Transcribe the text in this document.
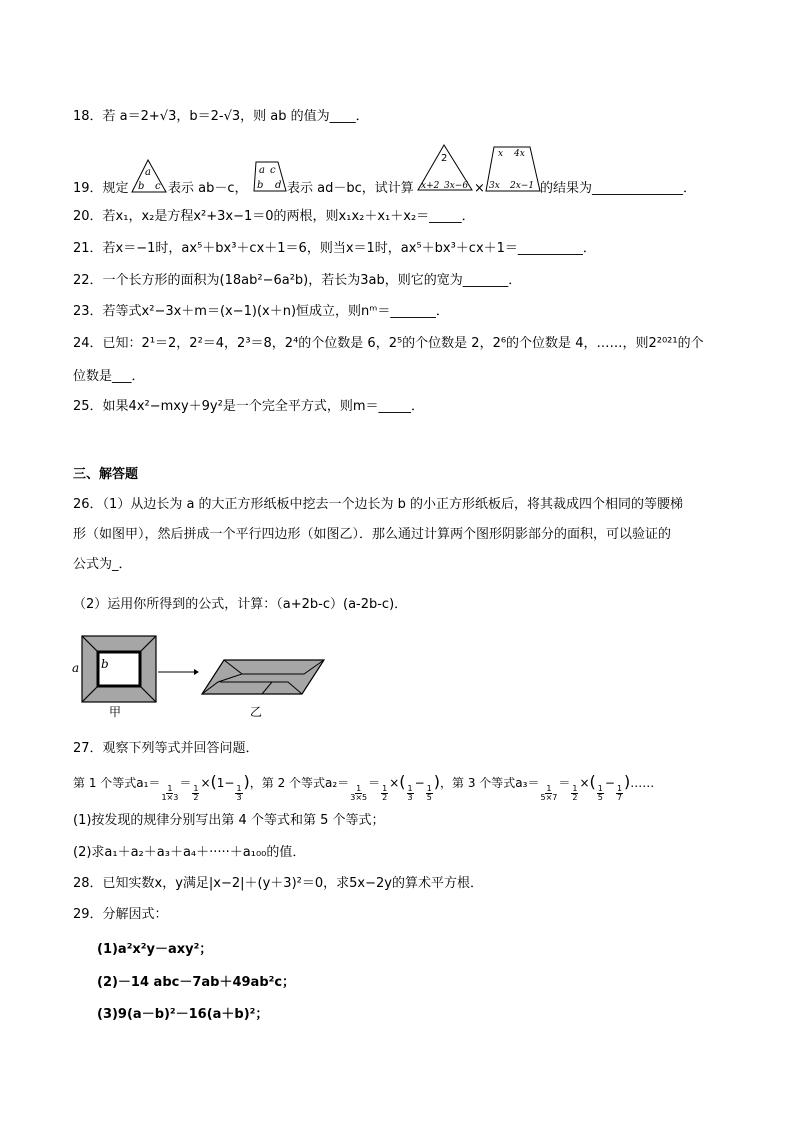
18．若 a＝2+√3，b＝2-√3，则 ab 的值为____．
19．规定
a
b c 表示 ab－c，
a c
b d 表示 ad－bc，试计算
2
x+2 3x−6 ×
x 4x
3x 2x−1 的结果为______________．
20．若x₁，x₂是方程x²+3x−1＝0的两根，则x₁x₂＋x₁＋x₂＝_____．
21．若x＝−1时，ax⁵＋bx³＋cx＋1＝6，则当x＝1时，ax⁵＋bx³＋cx＋1＝__________．
22．一个长方形的面积为(18ab²−6a²b)，若长为3ab，则它的宽为_______．
23．若等式x²−3x＋m＝(x−1)(x＋n)恒成立，则nᵐ＝_______．
24．已知：2¹＝2，2²＝4，2³＝8，2⁴的个位数是 6，2⁵的个位数是 2，2⁶的个位数是 4，……，则2²⁰²¹的个
位数是___．
25．如果4x²−mxy＋9y²是一个完全平方式，则m＝_____．
三、解答题
26．（1）从边长为 a 的大正方形纸板中挖去一个边长为 b 的小正方形纸板后，将其裁成四个相同的等腰梯
形（如图甲），然后拼成一个平行四边形（如图乙）．那么通过计算两个图形阴影部分的面积，可以验证的
公式为_．
（2）运用你所得到的公式，计算：（a+2b-c）(a-2b-c)．
a b
甲	乙
27．观察下列等式并回答问题．
第 1 个等式a₁＝
$\frac{1}{1\times 3}$
＝
$\frac{1}{2}$
×(1−
$\frac{1}{3}$
)，第 2 个等式a₂＝
$\frac{1}{3\times 5}$
＝
$\frac{1}{2}$
×(
$\frac{1}{3}$
−
$\frac{1}{5}$
)，第 3 个等式a₃＝
$\frac{1}{5\times 7}$
＝
$\frac{1}{2}$
×(
$\frac{1}{5}$
−
$\frac{1}{7}$
)……
(1)按发现的规律分别写出第 4 个等式和第 5 个等式；
(2)求a₁＋a₂＋a₃＋a₄＋·····＋a₁₀₀的值．
28．已知实数x，y满足|x−2|＋(y＋3)²＝0，求5x−2y的算术平方根．
29．分解因式：
(1)a²x²y－axy²；
(2)－14 abc－7ab＋49ab²c；
(3)9(a－b)²－16(a＋b)²；
